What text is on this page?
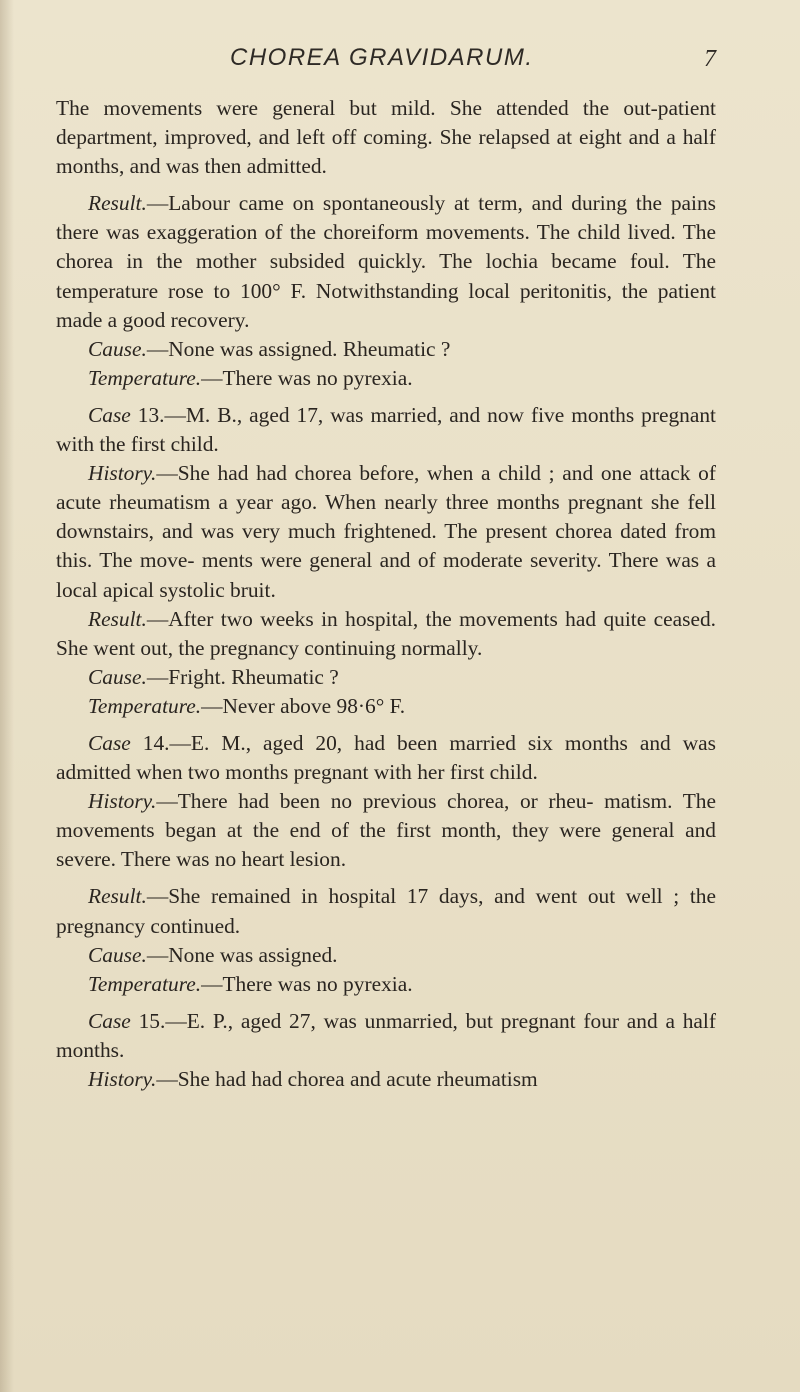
CHOREA GRAVIDARUM.	7

The movements were general but mild. She attended the out-patient department, improved, and left off coming. She relapsed at eight and a half months, and was then admitted.

Result.—Labour came on spontaneously at term, and during the pains there was exaggeration of the choreiform movements. The child lived. The chorea in the mother subsided quickly. The lochia became foul. The temperature rose to 100° F. Notwithstanding local peritonitis, the patient made a good recovery.

Cause.—None was assigned. Rheumatic ?

Temperature.—There was no pyrexia.

Case 13.—M. B., aged 17, was married, and now five months pregnant with the first child.

History.—She had had chorea before, when a child ; and one attack of acute rheumatism a year ago. When nearly three months pregnant she fell downstairs, and was very much frightened. The present chorea dated from this. The move- ments were general and of moderate severity. There was a local apical systolic bruit.

Result.—After two weeks in hospital, the movements had quite ceased. She went out, the pregnancy continuing normally.

Cause.—Fright. Rheumatic ?

Temperature.—Never above 98·6° F.

Case 14.—E. M., aged 20, had been married six months and was admitted when two months pregnant with her first child.

History.—There had been no previous chorea, or rheu- matism. The movements began at the end of the first month, they were general and severe. There was no heart lesion.

Result.—She remained in hospital 17 days, and went out well ; the pregnancy continued.

Cause.—None was assigned.

Temperature.—There was no pyrexia.

Case 15.—E. P., aged 27, was unmarried, but pregnant four and a half months.

History.—She had had chorea and acute rheumatism
